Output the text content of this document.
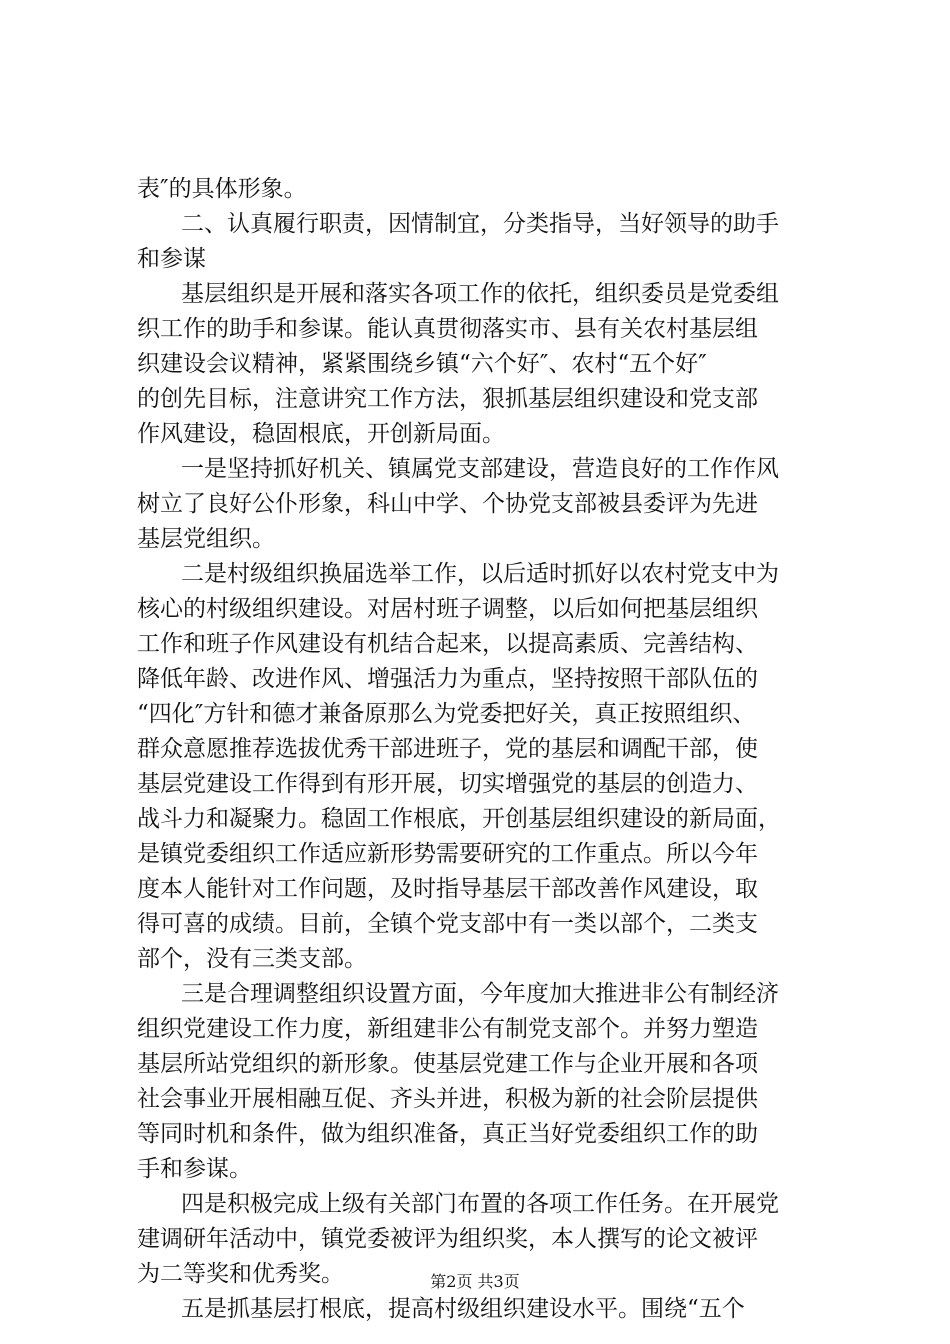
表″的具体形象。
二、认真履行职责，因情制宜，分类指导，当好领导的助手
和参谋
基层组织是开展和落实各项工作的依托，组织委员是党委组
织工作的助手和参谋。能认真贯彻落实市、县有关农村基层组
织建设会议精神，紧紧围绕乡镇“六个好″、农村“五个好″
的创先目标，注意讲究工作方法，狠抓基层组织建设和党支部
作风建设，稳固根底，开创新局面。
一是坚持抓好机关、镇属党支部建设，营造良好的工作作风
树立了良好公仆形象，科山中学、个协党支部被县委评为先进
基层党组织。
二是村级组织换届选举工作，以后适时抓好以农村党支中为
核心的村级组织建设。对居村班子调整，以后如何把基层组织
工作和班子作风建设有机结合起来，以提高素质、完善结构、
降低年龄、改进作风、增强活力为重点，坚持按照干部队伍的
“四化″方针和德才兼备原那么为党委把好关，真正按照组织、
群众意愿推荐选拔优秀干部进班子，党的基层和调配干部，使
基层党建设工作得到有形开展，切实增强党的基层的创造力、
战斗力和凝聚力。稳固工作根底，开创基层组织建设的新局面，
是镇党委组织工作适应新形势需要研究的工作重点。所以今年
度本人能针对工作问题，及时指导基层干部改善作风建设，取
得可喜的成绩。目前，全镇个党支部中有一类以部个，二类支
部个，没有三类支部。
三是合理调整组织设置方面，今年度加大推进非公有制经济
组织党建设工作力度，新组建非公有制党支部个。并努力塑造
基层所站党组织的新形象。使基层党建工作与企业开展和各项
社会事业开展相融互促、齐头并进，积极为新的社会阶层提供
等同时机和条件，做为组织准备，真正当好党委组织工作的助
手和参谋。
四是积极完成上级有关部门布置的各项工作任务。在开展党
建调研年活动中，镇党委被评为组织奖，本人撰写的论文被评
为二等奖和优秀奖。
五是抓基层打根底，提高村级组织建设水平。围绕“五个
第2页 共3页
